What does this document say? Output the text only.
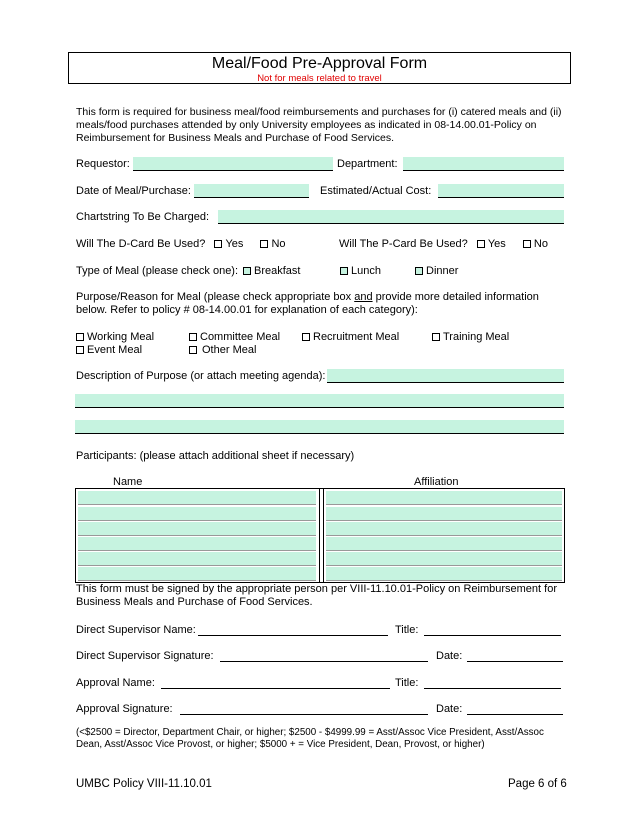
Meal/Food Pre-Approval Form
Not for meals related to travel
This form is required for business meal/food reimbursements and purchases for (i) catered meals and (ii) meals/food purchases attended by only University employees as indicated in 08-14.00.01-Policy on Reimbursement for Business Meals and Purchase of Food Services.
Requestor:	Department:
Date of Meal/Purchase:	Estimated/Actual Cost:
Chartstring To Be Charged:
Will The D-Card Be Used? Yes	No	Will The P-Card Be Used? Yes	No
Type of Meal (please check one):	Breakfast	Lunch	Dinner
Purpose/Reason for Meal (please check appropriate box and provide more detailed information below. Refer to policy # 08-14.00.01 for explanation of each category):
Working Meal	Committee Meal	Recruitment Meal	Training Meal
Event Meal	Other Meal
Description of Purpose (or attach meeting agenda):
Participants: (please attach additional sheet if necessary)
Name	Affiliation
This form must be signed by the appropriate person per VIII-11.10.01-Policy on Reimbursement for Business Meals and Purchase of Food Services.
Direct Supervisor Name:	Title:
Direct Supervisor Signature:	Date:
Approval Name:	Title:
Approval Signature:	Date:
(<$2500 = Director, Department Chair, or higher; $2500 - $4999.99 = Asst/Assoc Vice President, Asst/Assoc Dean, Asst/Assoc Vice Provost, or higher; $5000 + = Vice President, Dean, Provost, or higher)
UMBC Policy VIII-11.10.01	Page 6 of 6
